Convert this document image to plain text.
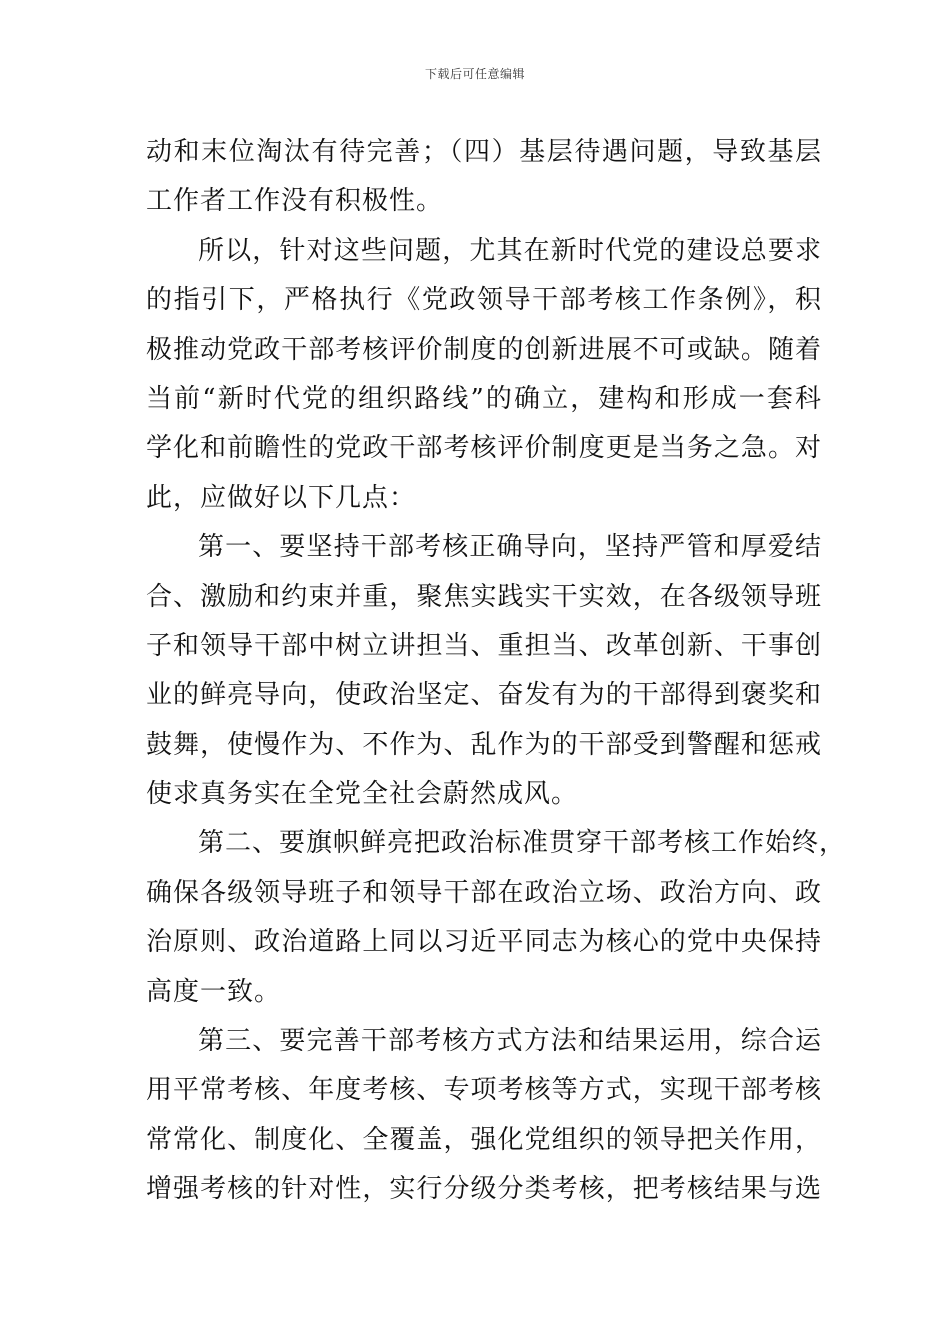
下载后可任意编辑
动和末位淘汰有待完善；（四）基层待遇问题，导致基层
工作者工作没有积极性。
所以，针对这些问题，尤其在新时代党的建设总要求
的指引下，严格执行《党政领导干部考核工作条例》，积
极推动党政干部考核评价制度的创新进展不可或缺。随着
当前“新时代党的组织路线”的确立，建构和形成一套科
学化和前瞻性的党政干部考核评价制度更是当务之急。对
此，应做好以下几点：
第一、要坚持干部考核正确导向，坚持严管和厚爱结
合、激励和约束并重，聚焦实践实干实效，在各级领导班
子和领导干部中树立讲担当、重担当、改革创新、干事创
业的鲜亮导向，使政治坚定、奋发有为的干部得到褒奖和
鼓舞，使慢作为、不作为、乱作为的干部受到警醒和惩戒
使求真务实在全党全社会蔚然成风。
第二、要旗帜鲜亮把政治标准贯穿干部考核工作始终，
确保各级领导班子和领导干部在政治立场、政治方向、政
治原则、政治道路上同以习近平同志为核心的党中央保持
高度一致。
第三、要完善干部考核方式方法和结果运用，综合运
用平常考核、年度考核、专项考核等方式，实现干部考核
常常化、制度化、全覆盖，强化党组织的领导把关作用，
增强考核的针对性，实行分级分类考核，把考核结果与选
